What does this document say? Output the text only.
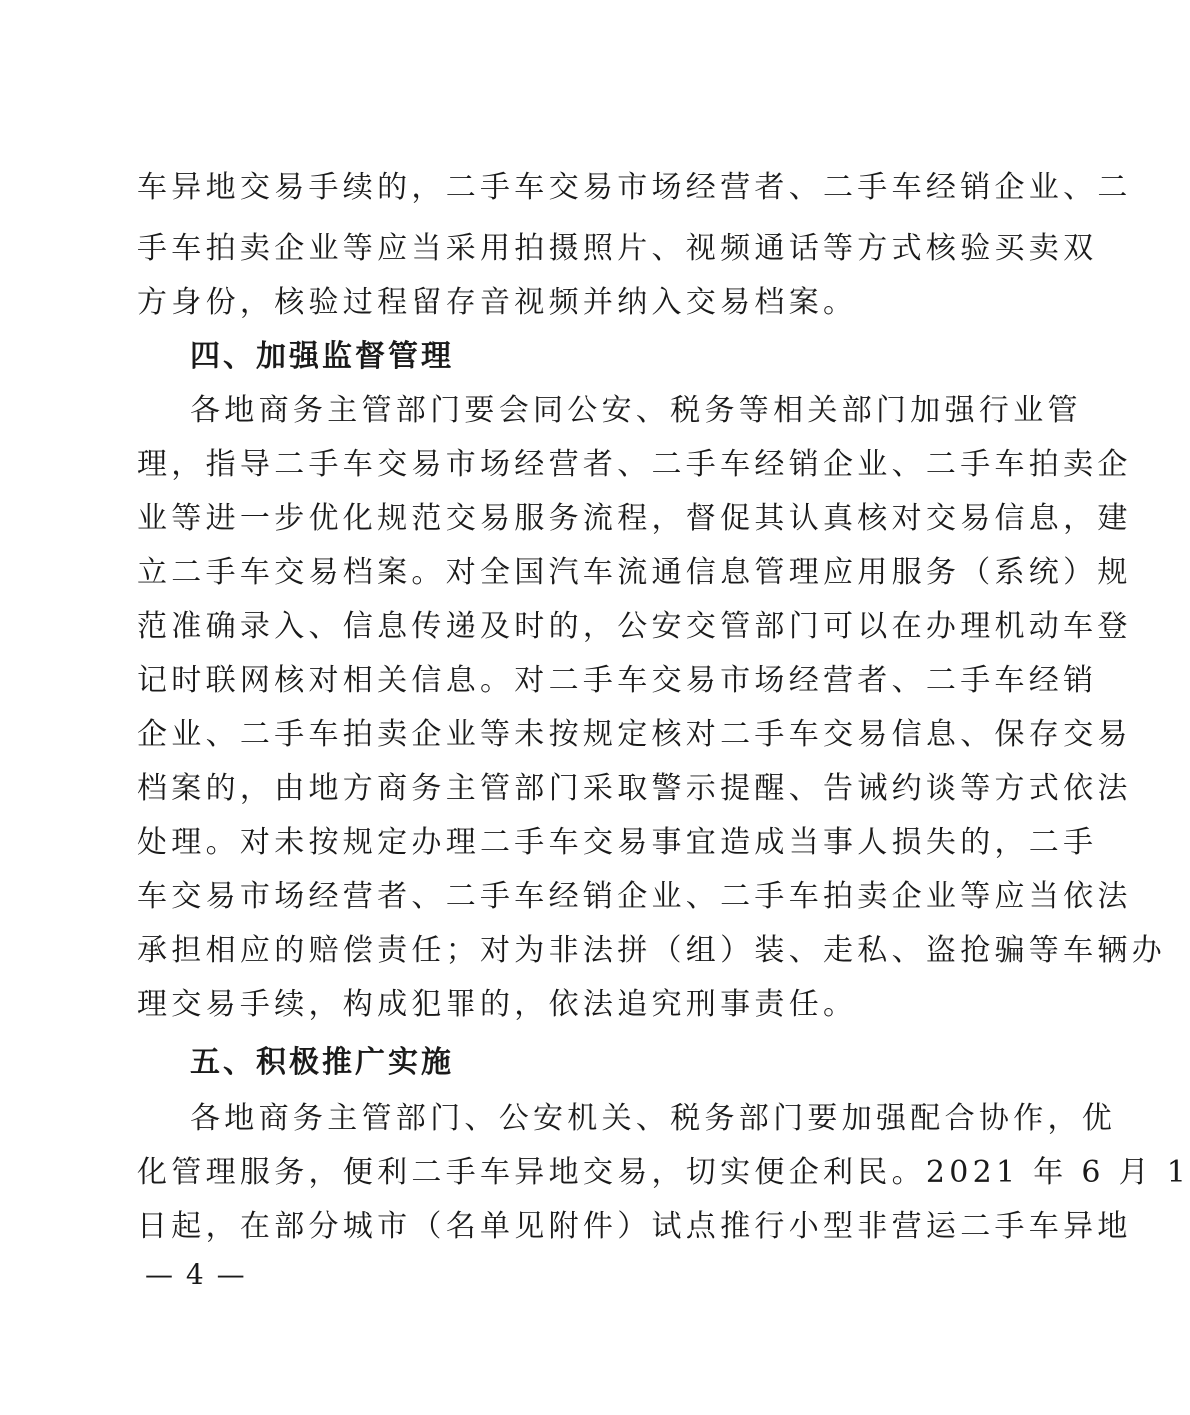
车异地交易手续的，二手车交易市场经营者、二手车经销企业、二
手车拍卖企业等应当采用拍摄照片、视频通话等方式核验买卖双
方身份，核验过程留存音视频并纳入交易档案。
四、加强监督管理
各地商务主管部门要会同公安、税务等相关部门加强行业管
理，指导二手车交易市场经营者、二手车经销企业、二手车拍卖企
业等进一步优化规范交易服务流程，督促其认真核对交易信息，建
立二手车交易档案。对全国汽车流通信息管理应用服务（系统）规
范准确录入、信息传递及时的，公安交管部门可以在办理机动车登
记时联网核对相关信息。对二手车交易市场经营者、二手车经销
企业、二手车拍卖企业等未按规定核对二手车交易信息、保存交易
档案的，由地方商务主管部门采取警示提醒、告诫约谈等方式依法
处理。对未按规定办理二手车交易事宜造成当事人损失的，二手
车交易市场经营者、二手车经销企业、二手车拍卖企业等应当依法
承担相应的赔偿责任；对为非法拼（组）装、走私、盗抢骗等车辆办
理交易手续，构成犯罪的，依法追究刑事责任。
五、积极推广实施
各地商务主管部门、公安机关、税务部门要加强配合协作，优
化管理服务，便利二手车异地交易，切实便企利民。2021 年 6 月 1
日起，在部分城市（名单见附件）试点推行小型非营运二手车异地
— 4 —
